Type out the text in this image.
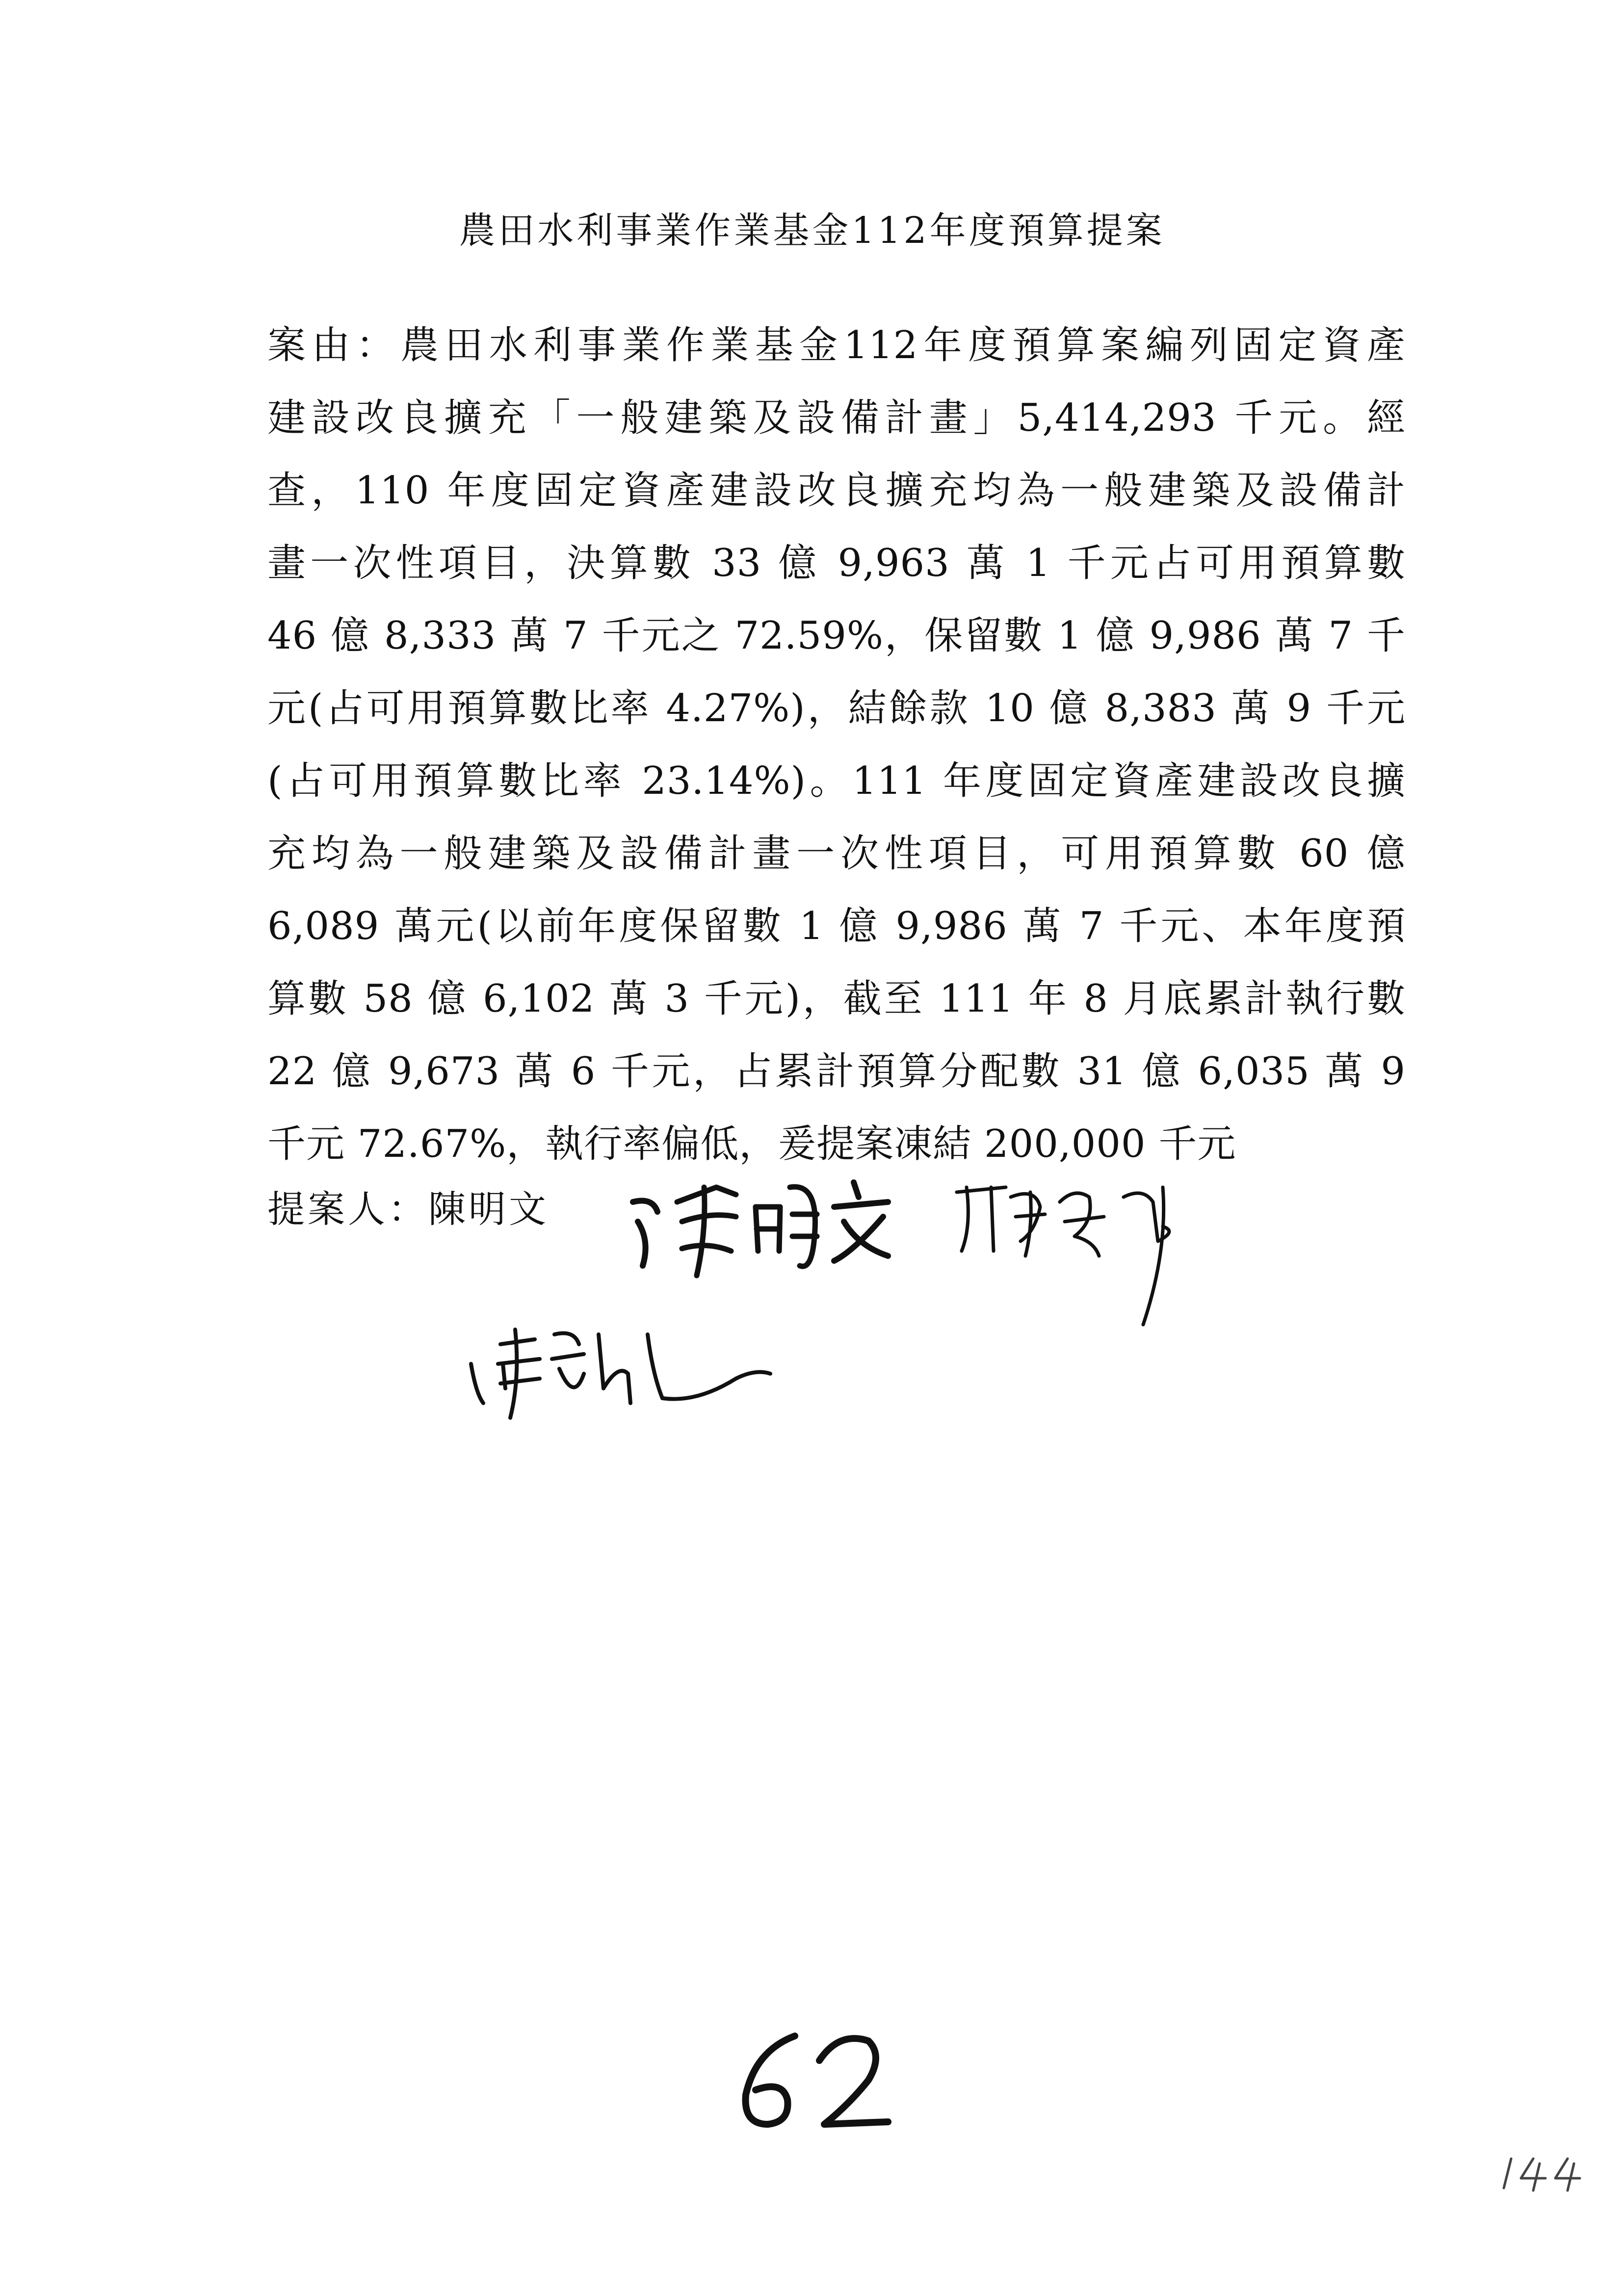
農田水利事業作業基金112年度預算提案
案由：農田水利事業作業基金112年度預算案編列固定資產
建設改良擴充「一般建築及設備計畫」5,414,293 千元。經
查，110 年度固定資產建設改良擴充均為一般建築及設備計
畫一次性項目，決算數 33 億 9,963 萬 1 千元占可用預算數
46 億 8,333 萬 7 千元之 72.59%，保留數 1 億 9,986 萬 7 千
元(占可用預算數比率 4.27%)，結餘款 10 億 8,383 萬 9 千元
(占可用預算數比率 23.14%)。111 年度固定資產建設改良擴
充均為一般建築及設備計畫一次性項目，可用預算數 60 億
6,089 萬元(以前年度保留數 1 億 9,986 萬 7 千元、本年度預
算數 58 億 6,102 萬 3 千元)，截至 111 年 8 月底累計執行數
22 億 9,673 萬 6 千元，占累計預算分配數 31 億 6,035 萬 9
千元 72.67%，執行率偏低，爰提案凍結 200,000 千元
提案人：陳明文
